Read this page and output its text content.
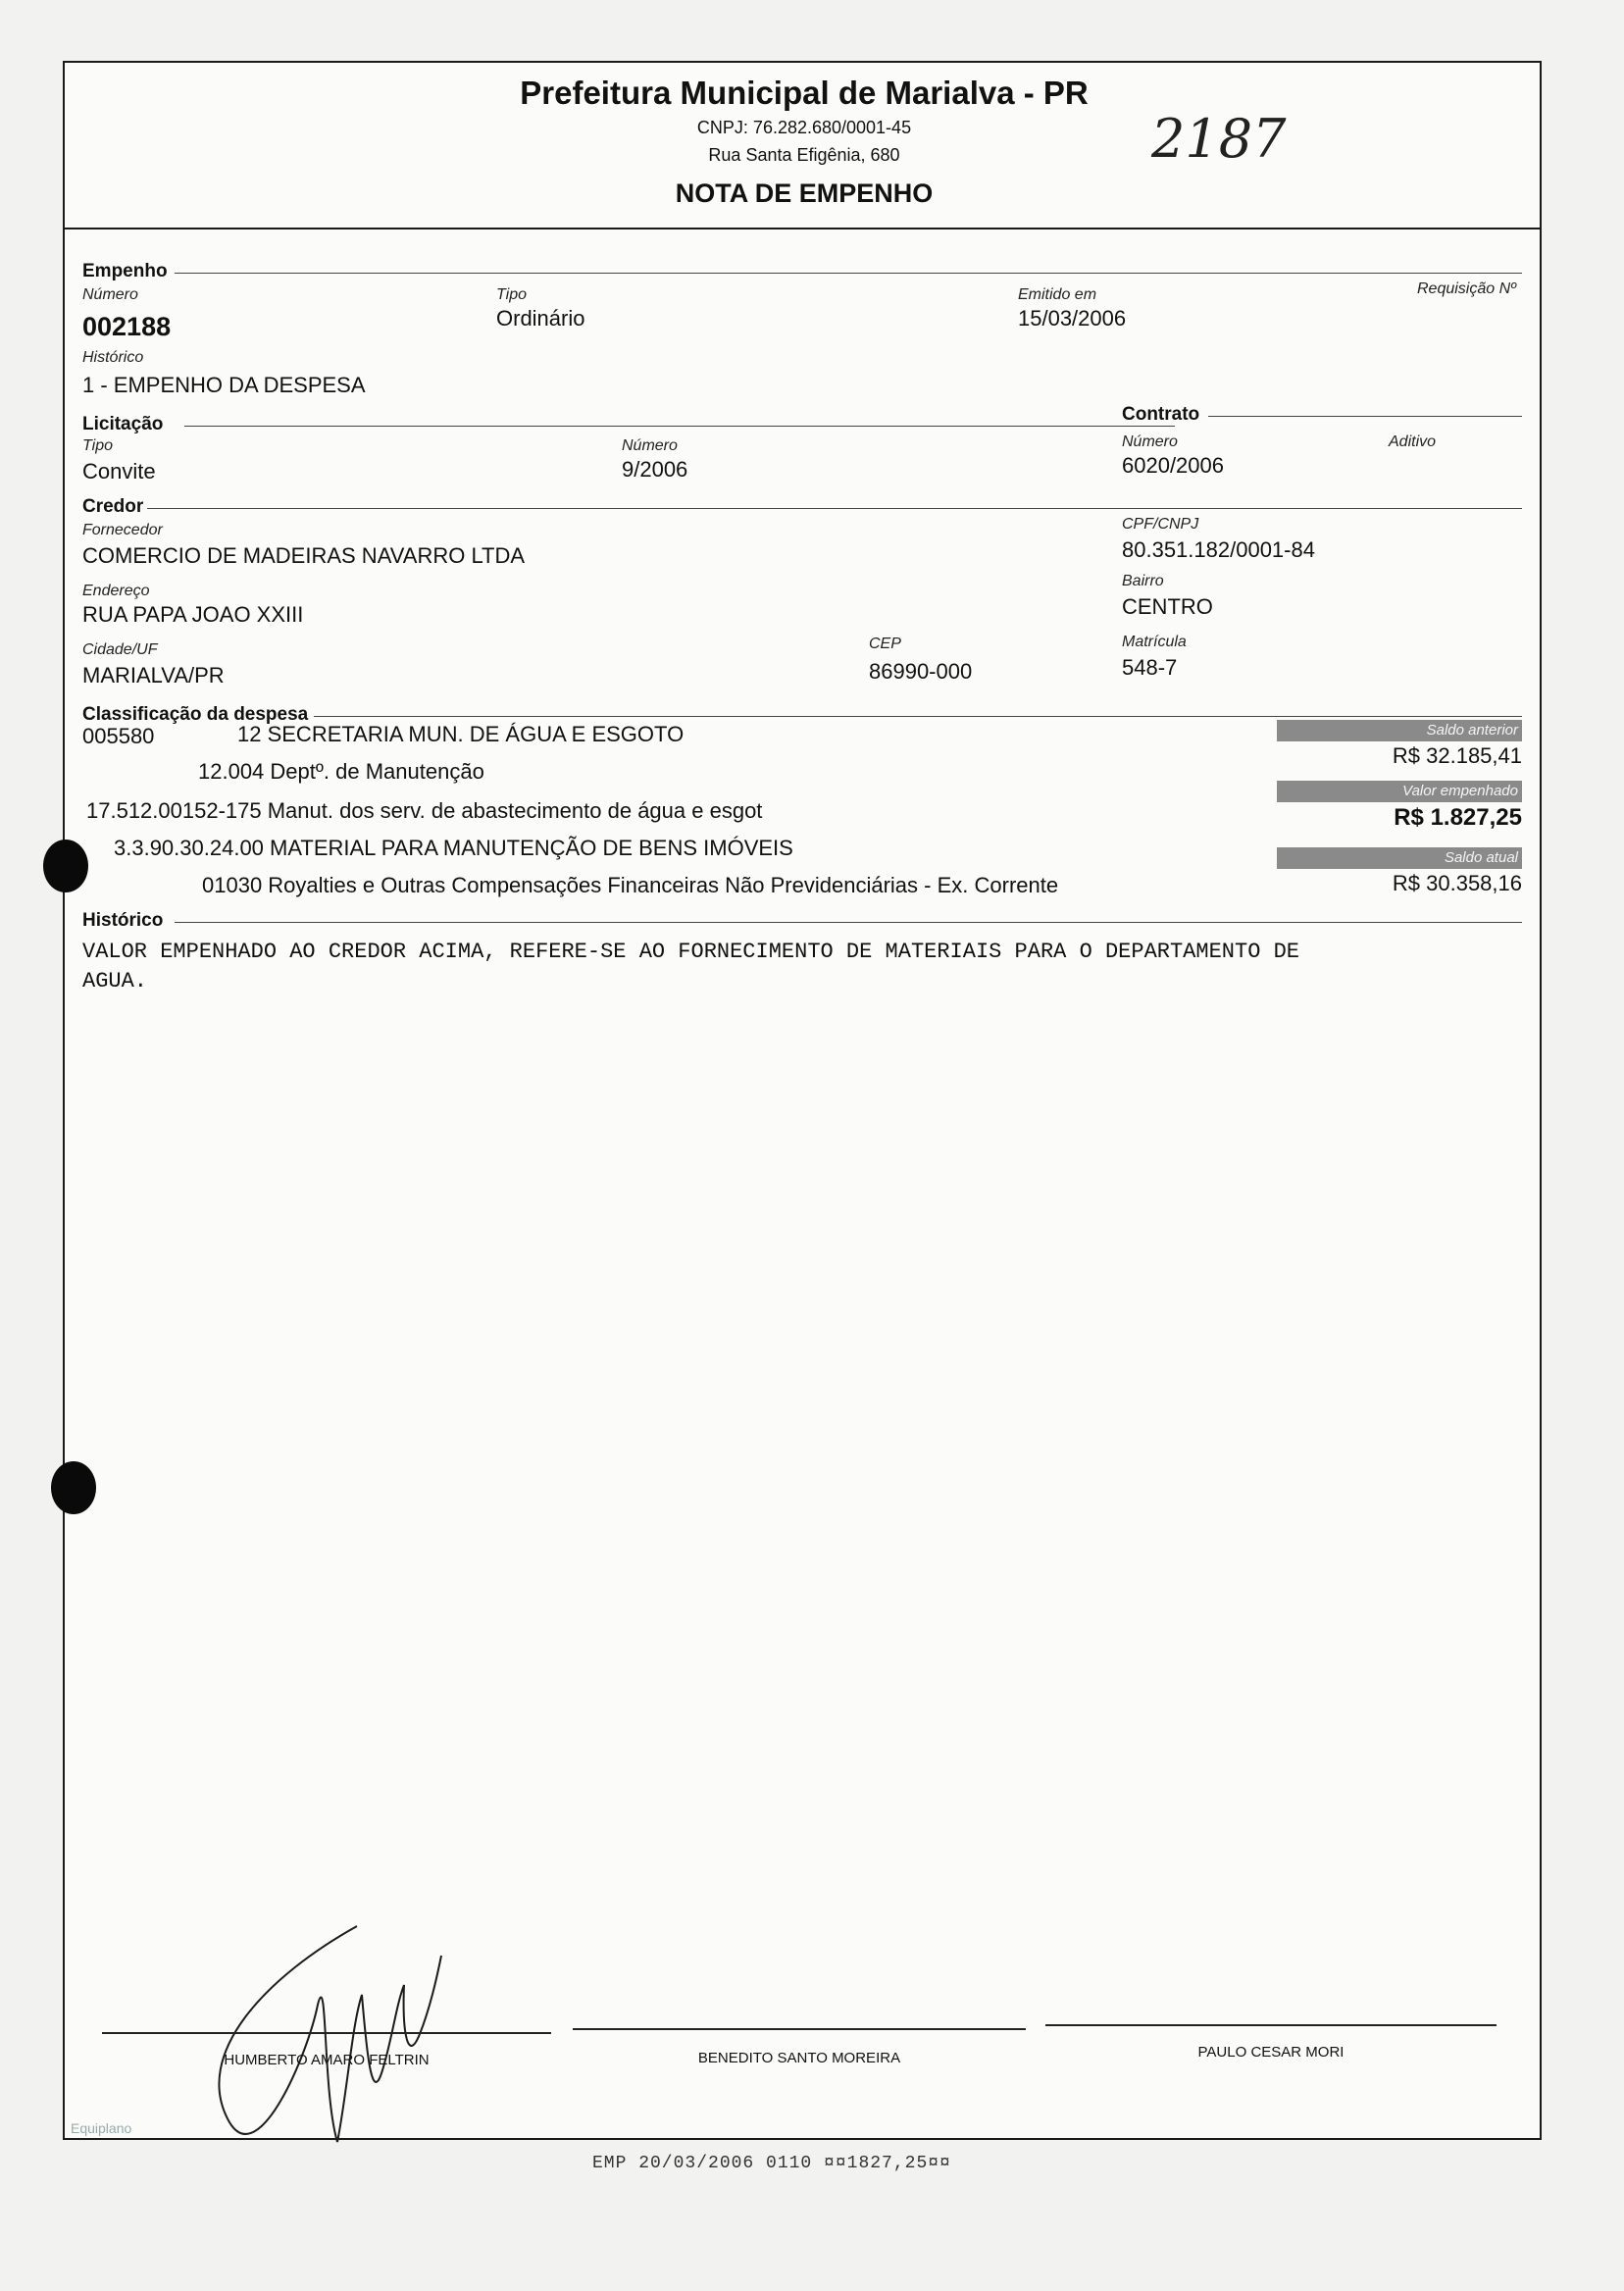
Prefeitura Municipal de Marialva - PR
CNPJ: 76.282.680/0001-45
Rua Santa Efigênia, 680
NOTA DE EMPENHO
2187
Empenho
Número
002188
Tipo
Ordinário
Emitido em
15/03/2006
Requisição Nº
Histórico
1 - EMPENHO DA DESPESA
Licitação	Contrato
Tipo
Convite
Número
9/2006
Número
6020/2006
Aditivo
Credor
Fornecedor
COMERCIO DE MADEIRAS NAVARRO LTDA
CPF/CNPJ
80.351.182/0001-84
Endereço
RUA PAPA JOAO XXIII
Bairro
CENTRO
Cidade/UF
MARIALVA/PR
CEP
86990-000
Matrícula
548-7
Classificação da despesa
005580	12 SECRETARIA MUN. DE ÁGUA E ESGOTO
12.004 Deptº. de Manutenção
17.512.00152-175 Manut. dos serv. de abastecimento de água e esgot
3.3.90.30.24.00 MATERIAL PARA MANUTENÇÃO DE BENS IMÓVEIS
01030 Royalties e Outras Compensações Financeiras Não Previdenciárias - Ex. Corrente
Saldo anterior
R$ 32.185,41
Valor empenhado
R$ 1.827,25
Saldo atual
R$ 30.358,16
Histórico
VALOR EMPENHADO AO CREDOR ACIMA, REFERE-SE AO FORNECIMENTO DE MATERIAIS PARA O DEPARTAMENTO DE
AGUA.
HUMBERTO AMARO FELTRIN	BENEDITO SANTO MOREIRA	PAULO CESAR MORI
Equiplano
EMP 20/03/2006 0110 ¤¤1827,25¤¤
